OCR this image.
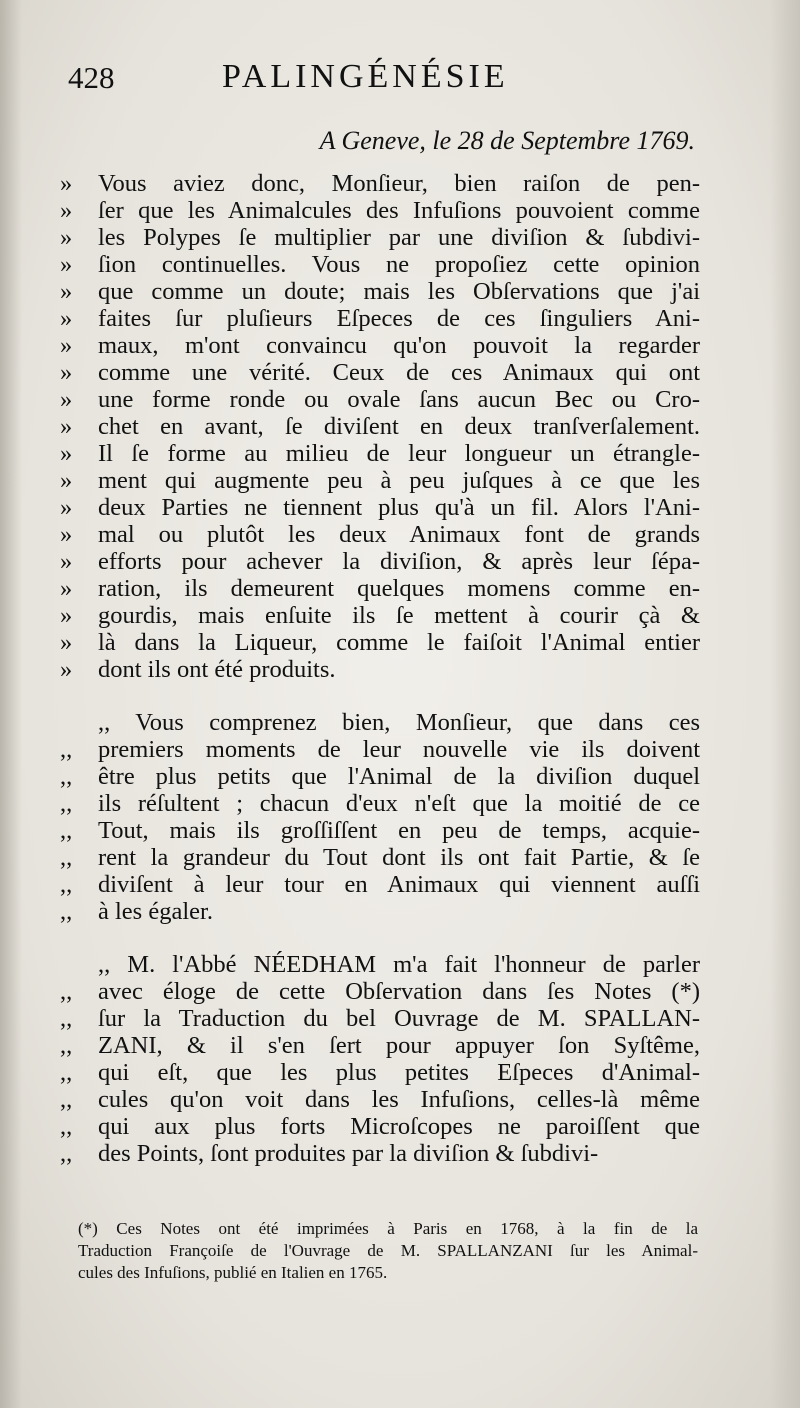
428	PALINGÉNÉSIE
A Geneve, le 28 de Septembre 1769.
»	Vous aviez donc, Monſieur, bien raiſon de pen-
»	ſer que les Animalcules des Infuſions pouvoient comme
»	les Polypes ſe multiplier par une diviſion & ſubdivi-
»	ſion continuelles. Vous ne propoſiez cette opinion
»	que comme un doute; mais les Obſervations que j'ai
»	faites ſur pluſieurs Eſpeces de ces ſinguliers Ani-
»	maux, m'ont convaincu qu'on pouvoit la regarder
»	comme une vérité. Ceux de ces Animaux qui ont
»	une forme ronde ou ovale ſans aucun Bec ou Cro-
»	chet en avant, ſe diviſent en deux tranſverſalement.
»	Il ſe forme au milieu de leur longueur un étrangle-
»	ment qui augmente peu à peu juſques à ce que les
»	deux Parties ne tiennent plus qu'à un fil. Alors l'Ani-
»	mal ou plutôt les deux Animaux font de grands
»	efforts pour achever la diviſion, & après leur ſépa-
»	ration, ils demeurent quelques momens comme en-
»	gourdis, mais enſuite ils ſe mettent à courir çà &
»	là dans la Liqueur, comme le faiſoit l'Animal entier
»	dont ils ont été produits.
,, Vous comprenez bien, Monſieur, que dans ces
,,	premiers moments de leur nouvelle vie ils doivent
,,	être plus petits que l'Animal de la diviſion duquel
,,	ils réſultent ; chacun d'eux n'eſt que la moitié de ce
,,	Tout, mais ils groſſiſſent en peu de temps, acquie-
,,	rent la grandeur du Tout dont ils ont fait Partie, & ſe
,,	diviſent à leur tour en Animaux qui viennent auſſi
,,	à les égaler.
,, M. l'Abbé NÉEDHAM m'a fait l'honneur de parler
,,	avec éloge de cette Obſervation dans ſes Notes (*)
,,	ſur la Traduction du bel Ouvrage de M. SPALLAN-
,,	ZANI, & il s'en ſert pour appuyer ſon Syſtême,
,,	qui eſt, que les plus petites Eſpeces d'Animal-
,,	cules qu'on voit dans les Infuſions, celles-là même
,,	qui aux plus forts Microſcopes ne paroiſſent que
,,	des Points, ſont produites par la diviſion & ſubdivi-
(*) Ces Notes ont été imprimées à Paris en 1768, à la fin de la
Traduction Françoiſe de l'Ouvrage de M. SPALLANZANI ſur les Animal-
cules des Infuſions, publié en Italien en 1765.
